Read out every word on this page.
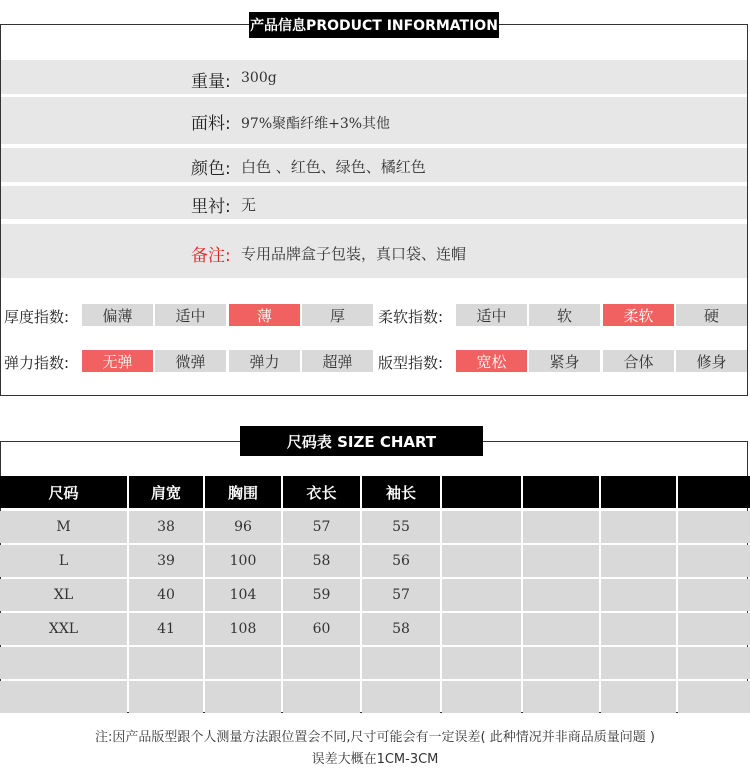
产品信息PRODUCT INFORMATION
重量: 300g
面料: 97%聚酯纤维+3%其他
颜色: 白色 、红色、绿色、橘红色
里衬: 无
备注: 专用品牌盒子包装，真口袋、连帽
厚度指数:	偏薄	适中	薄	厚	柔软指数:	适中	软	柔软	硬
弹力指数:	无弹	微弹	弹力	超弹	版型指数:	宽松	紧身	合体	修身
尺码表 SIZE CHART
尺码	肩宽	胸围	衣长	袖长
M	38	96	57	55
L	39	100	58	56
XL	40	104	59	57
XXL	41	108	60	58
注:因产品版型跟个人测量方法跟位置会不同,尺寸可能会有一定误差( 此种情况并非商品质量问题 )
误差大概在1CM-3CM
